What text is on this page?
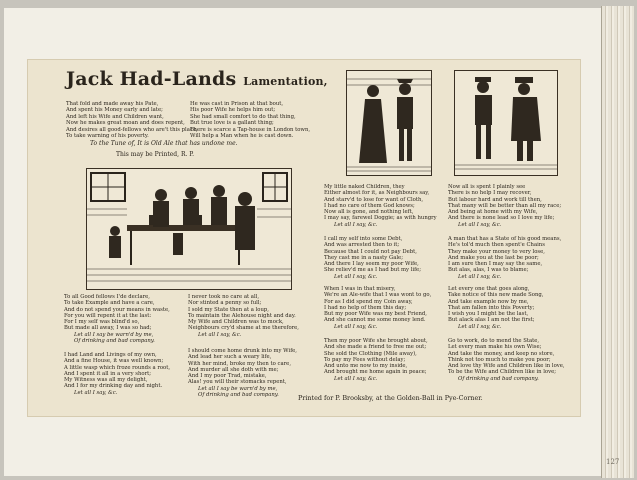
127
Jack Had-Lands Lamentation,
That fold and made away his Pate,
And spent his Money early and late;
And left his Wife and Children want,
Now he makes great moan and does repent,
And desires all good-fellows who are't this place,
To take warning of his poverty.
He was cast in Prison at that bout,
His poor Wife he helps him out;
She had small comfort to do that thing,
But true love is a gallant thing;
There is scarce a Tap-house in London town,
Will help a Man when he is cast down.
To the Tune of, It is Old Ale that has undone me.
This may be Printed, R. P.
To all Good fellows I'de declare,
To take Example and have a care,
And do not spend your means in waste,
For you will repent it at the last:
For I my self was blind'd so,
But made all away, I was so had;
Let all I say be warn'd by me,
Of drinking and bad company.
I had Land and Livings of my own,
And a fine House, it was well known;
A little wasp which froze rounds a root,
And I spent it all in a very short;
My Witness was all my delight,
And I for my drinking day and night.
Let all I say, &c.
I never took no care at all,
Nor stinted a penny so full;
I sold my State then at a loup,
To maintain the Alehouse night and day.
My Wife and Children was to mock,
Neighbours cry'd shame at me therefore,
Let all I say, &c.
I should come home drunk into my Wife,
And lead her such a weary life,
With her mind, broke my then to care,
And murder all she doth with me;
And I my poor Trad, mistake,
Alas! you will their stomacks repent,
Let all I say be warn'd by me,
Of drinking and bad company.
My little naked Children, they
Either almost for it, as Neighbours say,
And starv'd to lose for want of Cloth,
I had no care of them God knows;
Now all is gone, and nothing left,
I may say, farewel Doggie; as with hungry
Let all I say, &c.
I call my self into some Debt,
And was arrested then to it;
Because that I could not pay Debt,
They cast me in a nasty Gale;
And there I lay seem my poor Wife,
She reliev'd me as I had but my life;
Let all I say, &c.
When I was in that misery,
We're an Ale-wife that I was wont to go,
For as I did spend my Coin away,
I had no help of them this day;
But my poor Wife was my best Friend,
And she cannot me some money lend.
Let all I say, &c.
Then my poor Wife she brought about,
And she made a friend to free me out;
She sold the Clothing (Mile away),
To pay my Fees without delay;
And unto me now to my inside,
And brought me home again in peace;
Let all I say, &c.
Now all is spent I plainly see
There is no help I may recover,
But labour hard and work till then,
That many will be better than all my race;
And being at home with my Wife,
And there is none lead so I love my life;
Let all I say, &c.
A man that has a State of his good means,
He's tol'd much then spent'e Chains
They make your money to very lose,
And make you at the last be poor;
I am sure then I may say the same,
But alas, alas, I was to blame;
Let all I say, &c.
Let every one that goes along,
Take notice of this new made Song,
And take example now by me,
That am fallen into this Poverty;
I wish you I might be the last,
But alack alas I am not the first;
Let all I say, &c.
Go to work, do to mend the State,
Let every man make his own Wise;
And take the money, and keep no store,
Think not too much to make you poor;
And love thy Wife and Children like in love,
To be the Wife and Children like in love;
Of drinking and bad company.
Printed for P. Brooksby, at the Golden-Ball in Pye-Corner.
